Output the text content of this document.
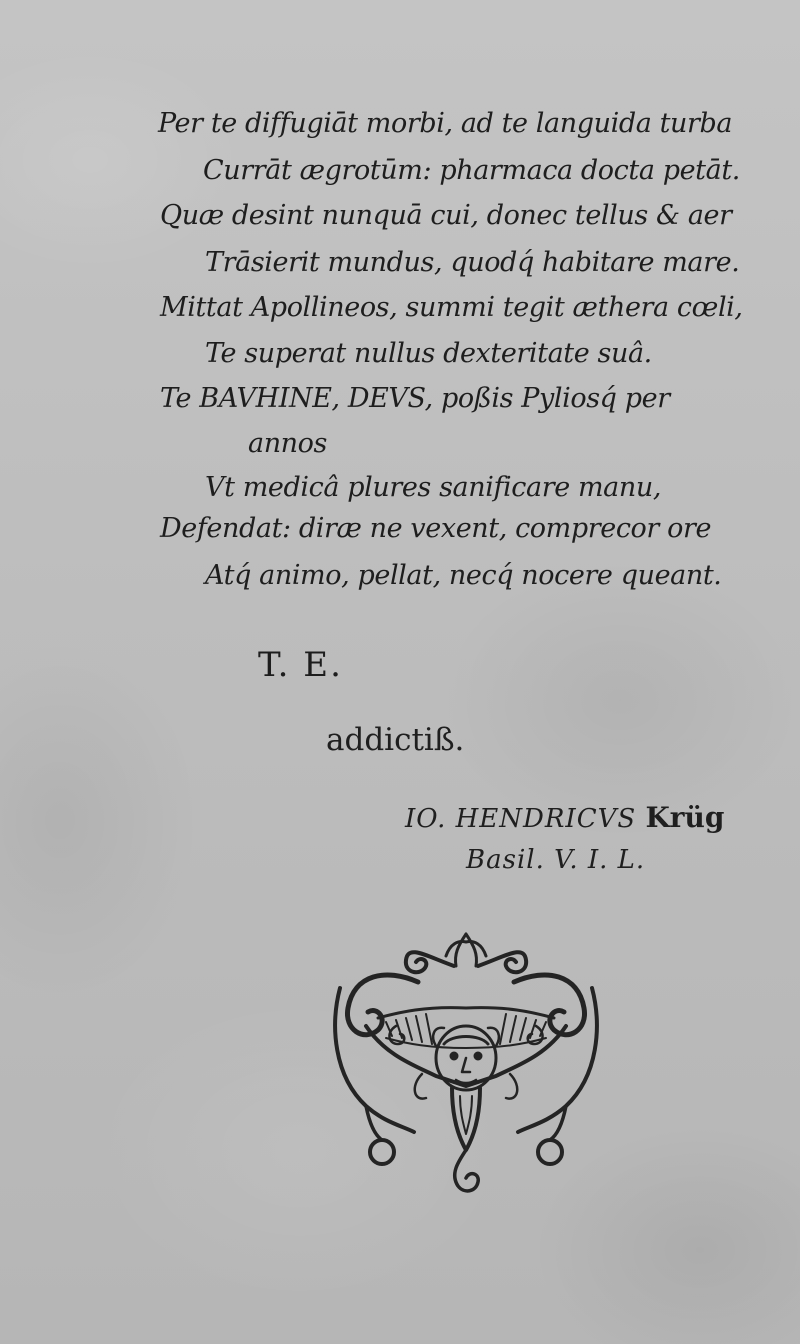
Per te diffugiāt morbi, ad te languida turba
Currāt ægrotūm: pharmaca docta petāt.
Quæ desint nunquā cui, donec tellus & aer
Trāsierit mundus, quodq́ habitare mare.
Mittat Apollineos, summi tegit æthera cœli,
Te superat nullus dexteritate suâ.
Te BAVHINE, DEVS, poßis Pyliosq́ per
annos
Vt medicâ plures sanificare manu,
Defendat: diræ ne vexent, comprecor ore
Atq́ animo, pellat, necq́ nocere queant.
T. E.
addictiß.
IO. HENDRICVS Krüg
Basil. V. I. L.
